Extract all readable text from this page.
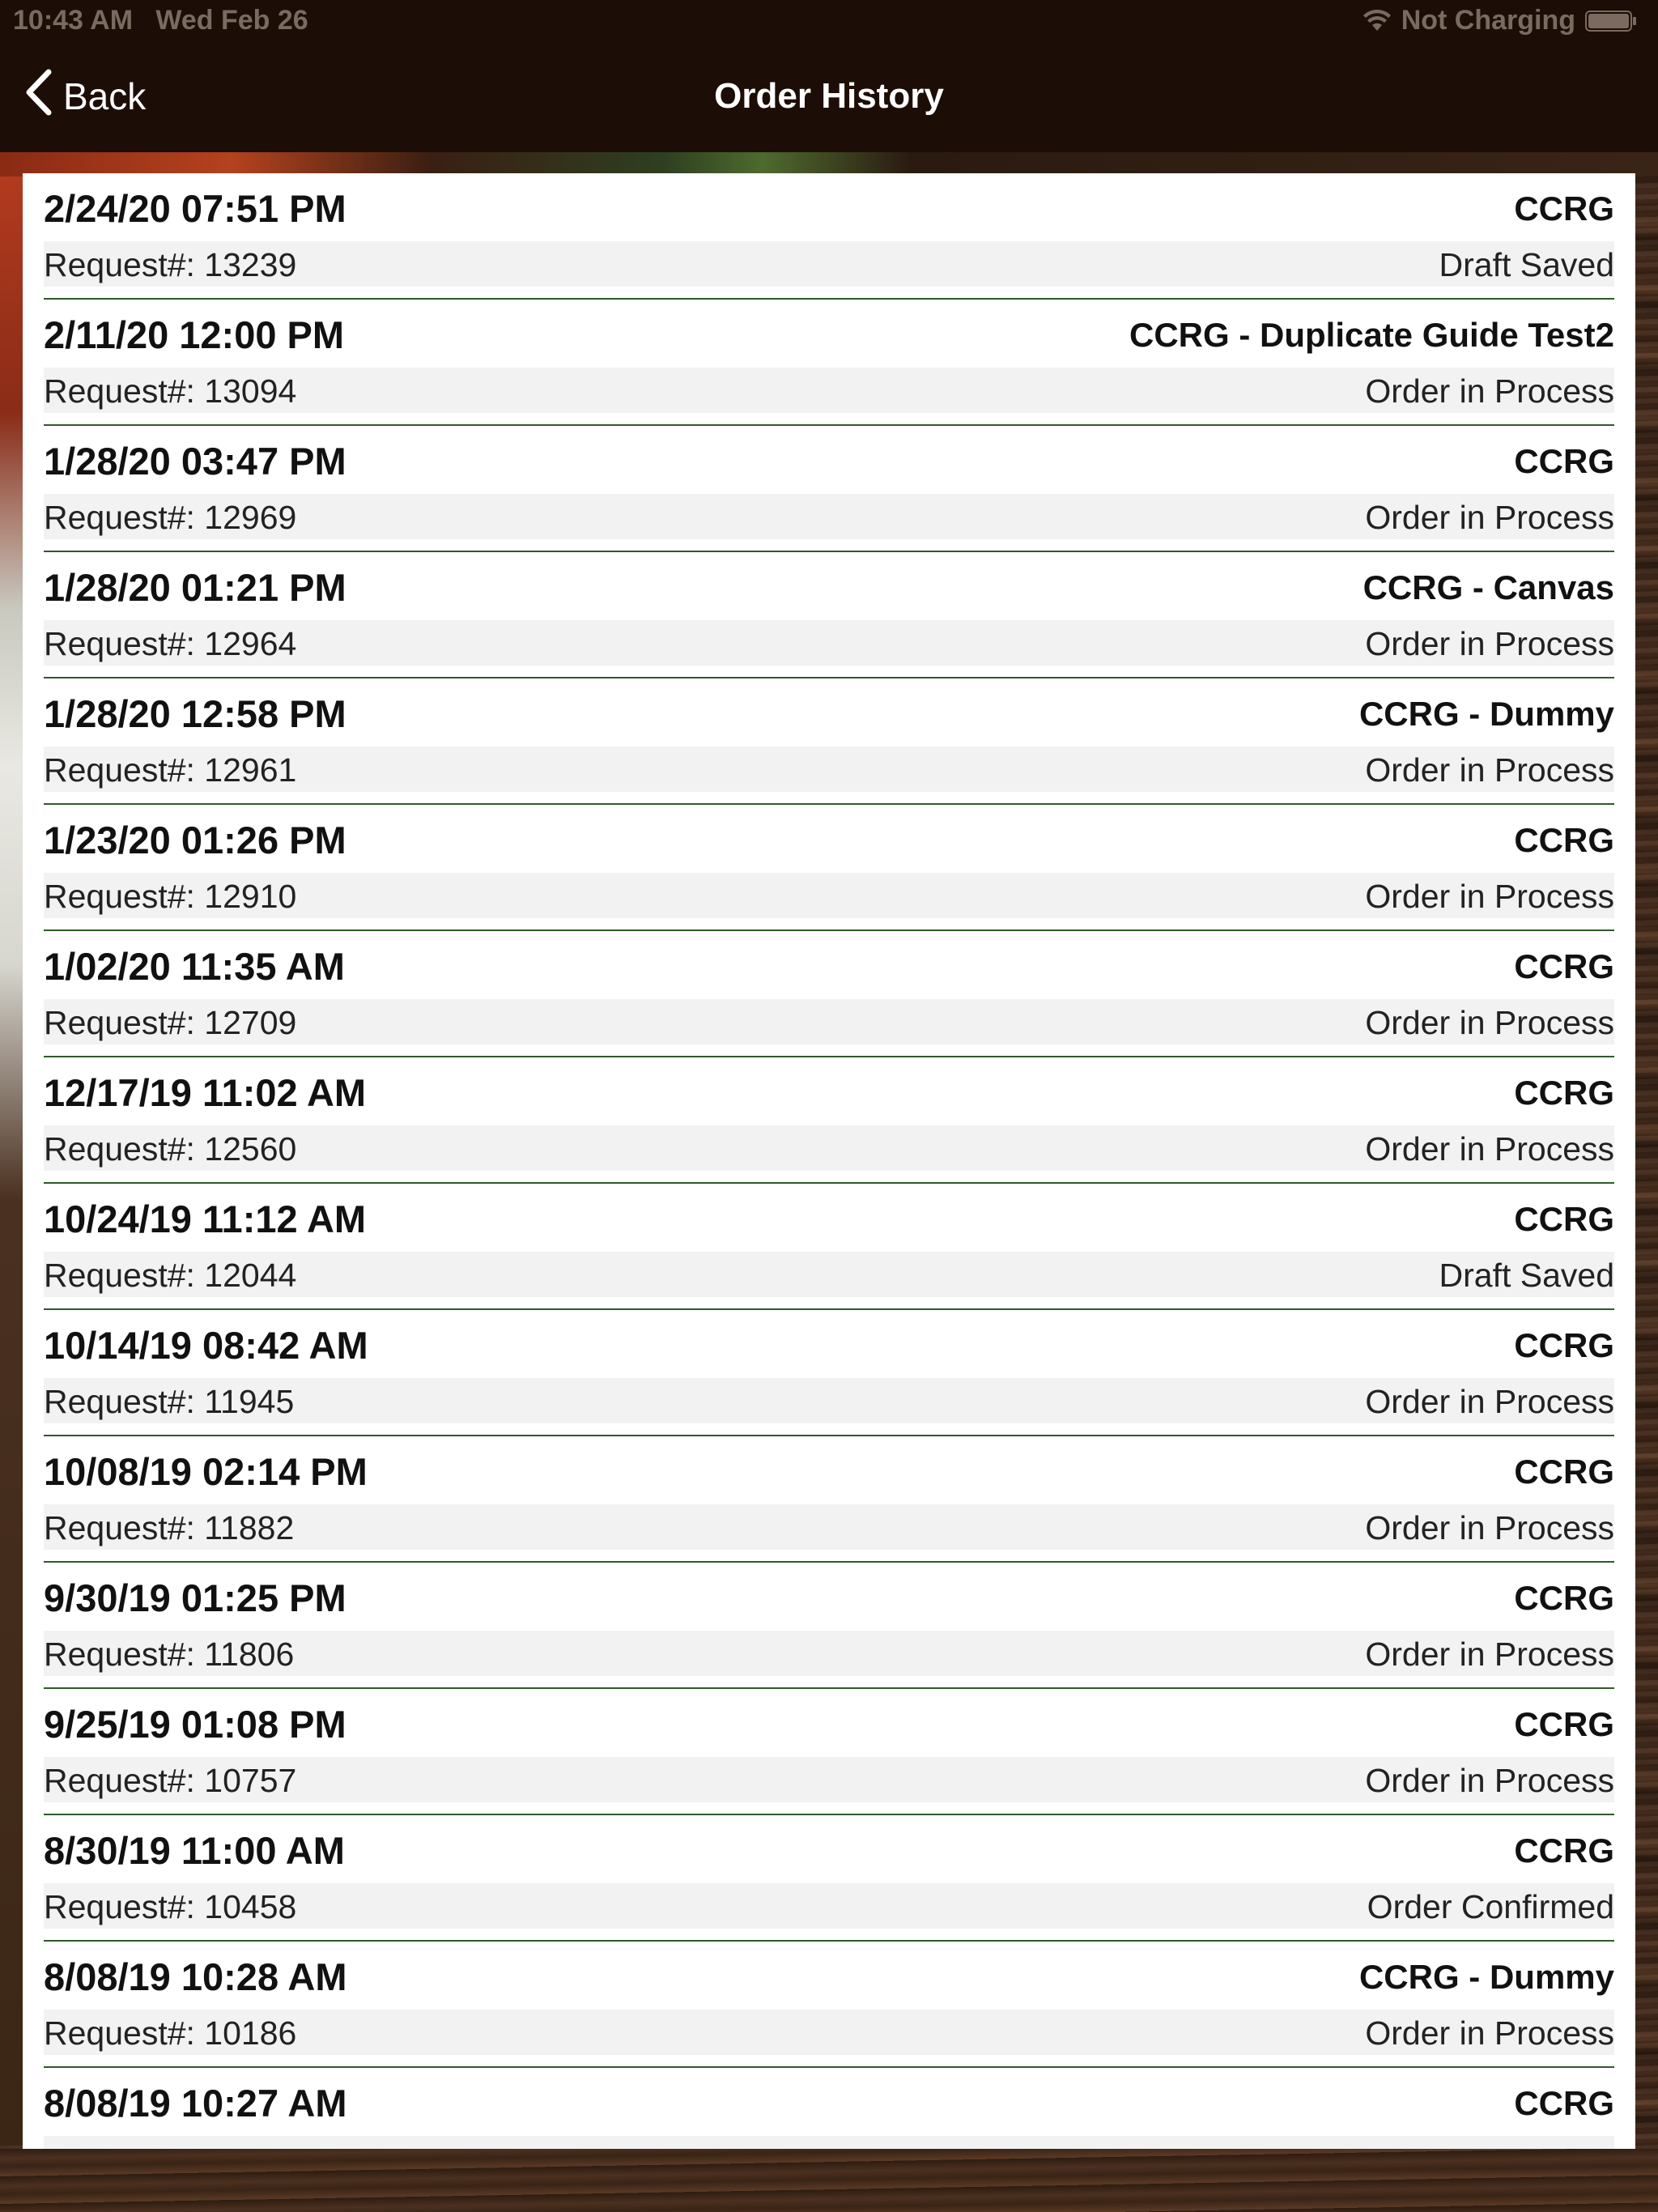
10:43 AM Wed Feb 26	Not Charging
Back	Order History
2/24/20 07:51 PM	CCRG
Request#: 13239	Draft Saved
2/11/20 12:00 PM	CCRG - Duplicate Guide Test2
Request#: 13094	Order in Process
1/28/20 03:47 PM	CCRG
Request#: 12969	Order in Process
1/28/20 01:21 PM	CCRG - Canvas
Request#: 12964	Order in Process
1/28/20 12:58 PM	CCRG - Dummy
Request#: 12961	Order in Process
1/23/20 01:26 PM	CCRG
Request#: 12910	Order in Process
1/02/20 11:35 AM	CCRG
Request#: 12709	Order in Process
12/17/19 11:02 AM	CCRG
Request#: 12560	Order in Process
10/24/19 11:12 AM	CCRG
Request#: 12044	Draft Saved
10/14/19 08:42 AM	CCRG
Request#: 11945	Order in Process
10/08/19 02:14 PM	CCRG
Request#: 11882	Order in Process
9/30/19 01:25 PM	CCRG
Request#: 11806	Order in Process
9/25/19 01:08 PM	CCRG
Request#: 10757	Order in Process
8/30/19 11:00 AM	CCRG
Request#: 10458	Order Confirmed
8/08/19 10:28 AM	CCRG - Dummy
Request#: 10186	Order in Process
8/08/19 10:27 AM	CCRG
